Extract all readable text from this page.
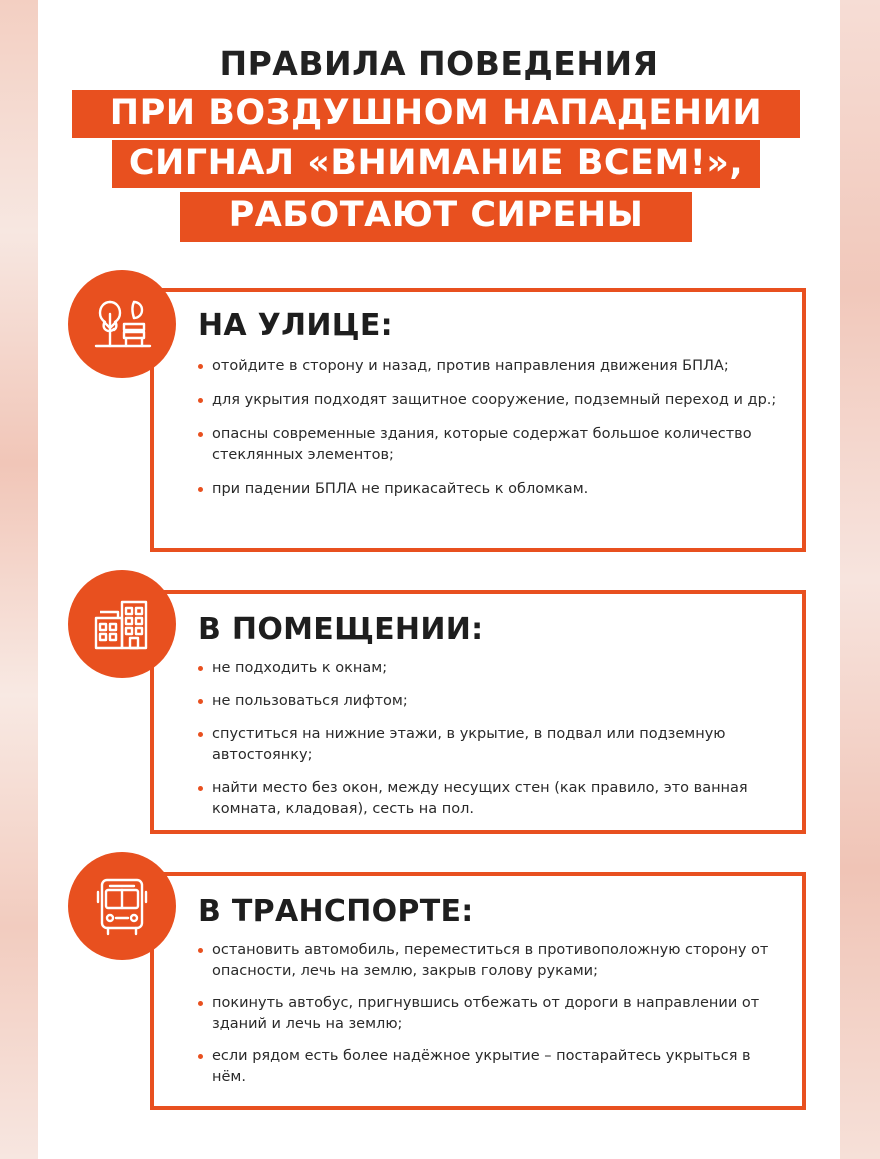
ПРАВИЛА ПОВЕДЕНИЯ
ПРИ ВОЗДУШНОМ НАПАДЕНИИ
СИГНАЛ «ВНИМАНИЕ ВСЕМ!»,
РАБОТАЮТ СИРЕНЫ
НА УЛИЦЕ:
отойдите в сторону и назад, против направления движения БПЛА;
для укрытия подходят защитное сооружение, подземный переход и др.;
опасны современные здания, которые содержат большое количество стеклянных элементов;
при падении БПЛА не прикасайтесь к обломкам.
В ПОМЕЩЕНИИ:
не подходить к окнам;
не пользоваться лифтом;
спуститься на нижние этажи, в укрытие, в подвал или подземную автостоянку;
найти место без окон, между несущих стен (как правило, это ванная комната, кладовая), сесть на пол.
В ТРАНСПОРТЕ:
остановить автомобиль, переместиться в противоположную сторону от опасности, лечь на землю, закрыв голову руками;
покинуть автобус, пригнувшись отбежать от дороги в направлении от зданий и лечь на землю;
если рядом есть более надёжное укрытие – постарайтесь укрыться в нём.
